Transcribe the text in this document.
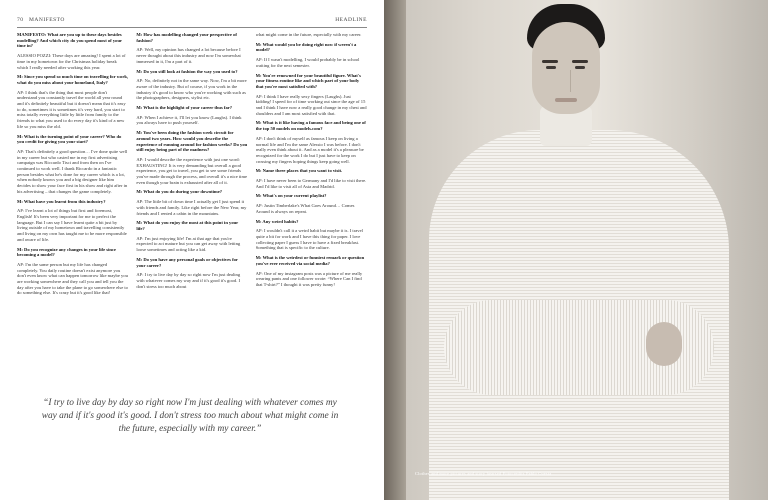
70 MANIFESTO	HEADLINE

MANIFESTO: What are you up to these days besides modelling? And which city do you spend most of your time in?

ALESSIO POZZI: These days are amazing! I spent a lot of time in my hometown for the Christmas holiday break which I really needed after working this year.

M: Since you spend so much time on travelling for work, what do you miss about your homeland, Italy?

AP: I think that's the thing that most people don't understand you constantly travel the world all year round and it's definitely beautiful but it doesn't mean that it's easy to do, sometimes it is sometimes it's very hard, you start to miss totally everything little by little from family to the friends to what you used to do every day it's kind of a new life so you miss the old.

M: What is the turning point of your career? Who do you credit for giving you your start?

AP: That's definitely a good question… I've done quite well in my career but who casted me in my first advertising campaign was Riccardo Tisci and from then on I've continued to work well. I thank Riccardo in a fantastic person besides what he's done for my career which is a lot, when nobody knows you and a big designer like him decides to show your face first in his show and right after in his advertising – that changes the game completely.

M: What have you learnt from this industry?

AP: I've learnt a lot of things but first and foremost, English! It's been very important for me to perfect the language. But I can say I have learnt quite a bit just by living outside of my hometown and travelling consistently and living on my own has taught me to be more responsible and aware of life.

M: Do you recognize any changes in your life since becoming a model?

AP: I'm the same person but my life has changed completely. You daily routine doesn't exist anymore you don't even know what can happen tomorrow like maybe you are working somewhere and they call you and tell you the day after you have to take the plane to go somewhere else to do something else. It's crazy but it's good like that!

M: How has modelling changed your perspective of fashion?

AP: Well, my opinion has changed a lot because before I never thought about this industry and now I'm somewhat immersed in it, I'm a part of it.

M: Do you still look at fashion the way you used to?

AP: No, definitely not in the same way. Now, I'm a bit more aware of the industry. But of course, if you work in the industry it's good to know who you're working with such as the photographers, designers, stylist etc.

M: What is the highlight of your career thus far?

AP: When I achieve it, I'll let you know (Laughs). I think you always have to push yourself.

M: You've been doing the fashion week circuit for around two years. How would you describe the experience of running around for fashion weeks? Do you still enjoy being part of the madness?

AP: I would describe the experience with just one word: EXHAUSTING! It is very demanding but overall a good experience, you get to travel, you get to see some friends you've made through the process, and overall it's a nice time even though your brain is exhausted after all of it.

M: What do you do during your downtime?

AP: The little bit of down time I actually get I just spend it with friends and family. Like right before the New Year, my friends and I rented a cabin in the mountains.

M: What do you enjoy the most at this point in your life?

AP: I'm just enjoying life! I'm at that age that you're expected to act mature but you can get away with letting loose sometimes and acting like a kid.

M: Do you have any personal goals or objectives for your career?

AP: I try to live day by day so right now I'm just dealing with whatever comes my way and if it's good it's good. I don't stress too much about

what might come in the future, especially with my career.

M: What would you be doing right now if weren't a model?

AP: If I wasn't modelling, I would probably be in school waiting for the next semester.

M: You're renowned for your beautiful figure. What's your fitness routine like and which part of your body that you're most satisfied with?

AP: I think I have really sexy fingers (Laughs). Just kidding! I speed for of time working out since the age of 15 and I think I have now a really good change in my chest and shoulders and I am most satisfied with that.

M: What is it like having a famous face and being one of the top 50 models on models.com?

AP: I don't think of myself as famous I keep on living a normal life and I'm the same Alessio I was before. I don't really even think about it. And as a model it's a pleasure be recognized for the work I do but I just have to keep on crossing my fingers hoping things keep going well.

M: Name three places that you want to visit.

AP: I have never been to Germany and I'd like to visit there. And I'd like to visit all of Asia and Madrid.

M: What's on your current playlist?

AP: Justin Timberlake's What Goes Around… Comes Around is always on repeat.

M: Any weird habits?

AP: I wouldn't call it a weird habit but maybe it is. I travel quite a bit for work and I have this thing for paper. I love collecting paper I guess I have to have a fixed breakfast. Something that is specific to the culture.

M: What is the weirdest or funniest remark or question you've ever received via social media?

AP: One of my instagram posts was a picture of me really wearing pants and one follower wrote: “Where Can I find that T-shirt?” I thought it was pretty funny!

“I try to live day by day so right now I'm just dealing with whatever comes my way and if it's good it's good. I don't stress too much about what might come in the future, especially with my career.”
Clothes and more pictures and story hearsed Fotocredits Pablo Cuesta
